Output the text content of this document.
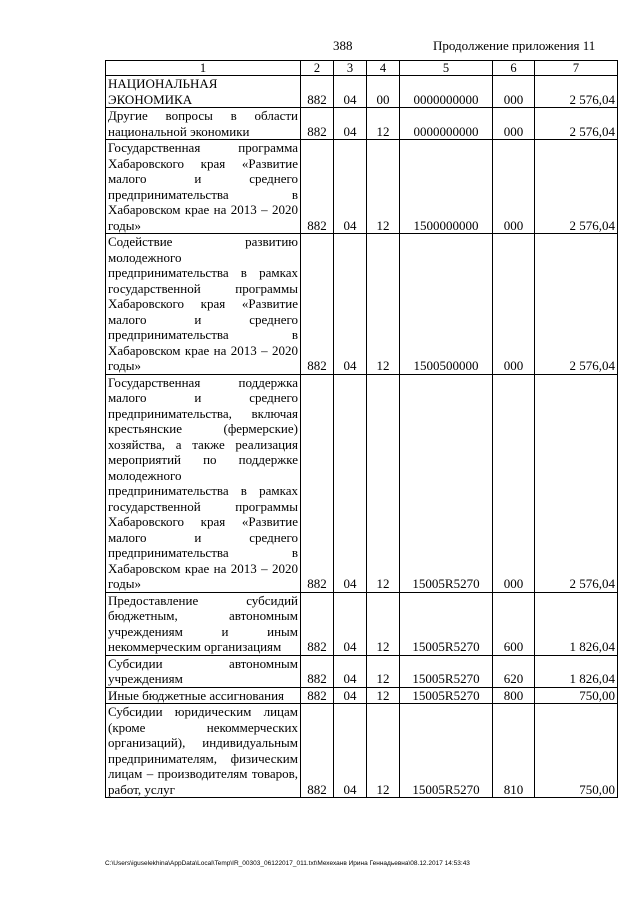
388	Продолжение приложения 11
1	2	3	4	5	6	7
НАЦИОНАЛЬНАЯ ЭКОНОМИКА	882	04	00	0000000000	000	2 576,04
Другие вопросы в области национальной экономики	882	04	12	0000000000	000	2 576,04
Государственная программа Хабаровского края «Развитие малого и среднего предпринимательства в Хабаровском крае на 2013 – 2020 годы»	882	04	12	1500000000	000	2 576,04
Содействие развитию молодежного предпринимательства в рамках государственной программы Хабаровского края «Развитие малого и среднего предпринимательства в Хабаровском крае на 2013 – 2020 годы»	882	04	12	1500500000	000	2 576,04
Государственная поддержка малого и среднего предпринимательства, включая крестьянские (фермерские) хозяйства, а также реализация мероприятий по поддержке молодежного предпринимательства в рамках государственной программы Хабаровского края «Развитие малого и среднего предпринимательства в Хабаровском крае на 2013 – 2020 годы»	882	04	12	15005R5270	000	2 576,04
Предоставление субсидий бюджетным, автономным учреждениям и иным некоммерческим организациям	882	04	12	15005R5270	600	1 826,04
Субсидии автономным учреждениям	882	04	12	15005R5270	620	1 826,04
Иные бюджетные ассигнования	882	04	12	15005R5270	800	750,00
Субсидии юридическим лицам (кроме некоммерческих организаций), индивидуальным предпринимателям, физическим лицам – производителям товаров, работ, услуг	882	04	12	15005R5270	810	750,00
C:\Users\iguselekhina\AppData\Local\Temp\IR_00303_06122017_011.txt\Мехеханв Ирина Геннадьевна\08.12.2017 14:53:43
